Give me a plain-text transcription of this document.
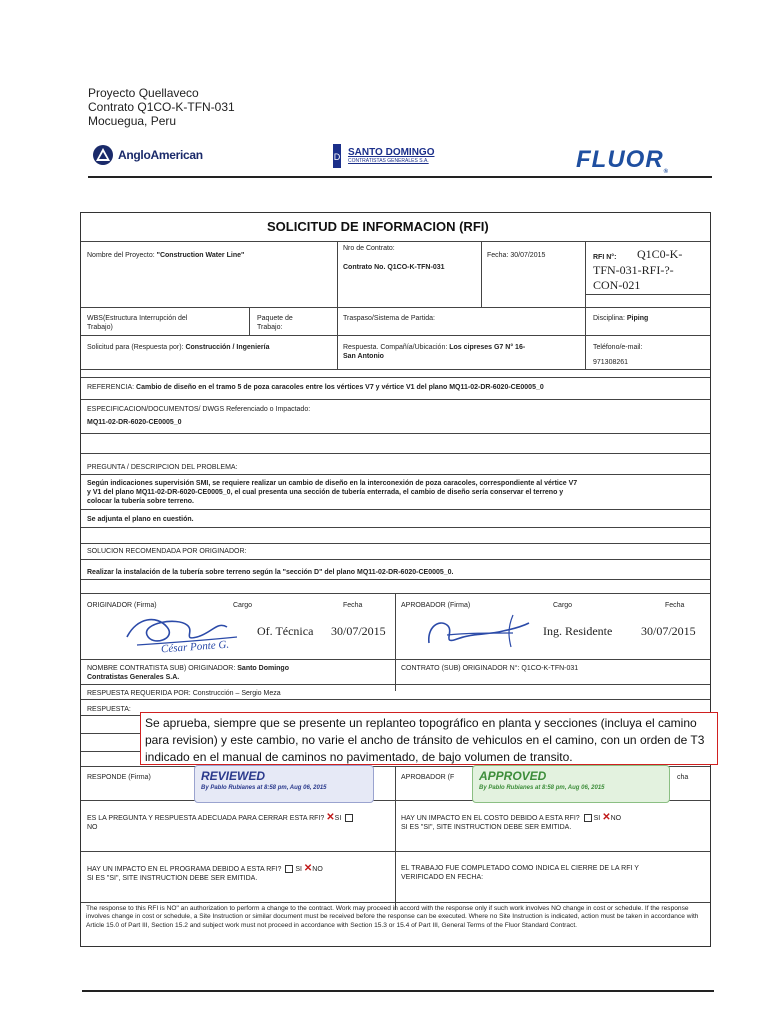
Proyecto Quellaveco
Contrato Q1CO-K-TFN-031
Mocuegua, Peru
AngloAmerican	D SANTO DOMINGO
CONTRATISTAS GENERALES S.A.	$FLUOR_®$
SOLICITUD DE INFORMACION (RFI)
Nombre del Proyecto: "Construction Water Line"
Nro de Contrato:
Contrato No. Q1CO-K-TFN-031
Fecha: 30/07/2015	RFI N°: Q1C0-K-
TFN-031-RFI-?-
CON-021
WBS(Estructura Interrupción del
Trabajo)
Paquete de
Trabajo:
Traspaso/Sistema de Partida:	Disciplina: Piping
Solicitud para (Respuesta por): Construcción / Ingeniería	Respuesta. Compañía/Ubicación: Los cipreses G7 N° 16-
San Antonio
Teléfono/e-mail:
971308261
REFERENCIA: Cambio de diseño en el tramo 5 de poza caracoles entre los vértices V7 y vértice V1 del plano MQ11-02-DR-6020-CE0005_0
ESPECIFICACION/DOCUMENTOS/ DWGS Referenciado o Impactado:
MQ11-02-DR-6020-CE0005_0
PREGUNTA / DESCRIPCION DEL PROBLEMA:
Según indicaciones supervisión SMI, se requiere realizar un cambio de diseño en la interconexión de poza caracoles, correspondiente al vértice V7
y V1 del plano MQ11-02-DR-6020-CE0005_0, el cual presenta una sección de tubería enterrada, el cambio de diseño sería conservar el terreno y
colocar la tubería sobre terreno.
Se adjunta el plano en cuestión.
SOLUCION RECOMENDADA POR ORIGINADOR:
Realizar la instalación de la tubería sobre terreno según la "sección D" del plano MQ11-02-DR-6020-CE0005_0.
ORIGINADOR (Firma)	Cargo	Fecha	APROBADOR (Firma)	Cargo	Fecha
César Ponte G.
Of. Técnica 30/07/2015	Ing. Residente 30/07/2015
NOMBRE CONTRATISTA SUB) ORIGINADOR: Santo Domingo
Contratistas Generales S.A.
CONTRATO (SUB) ORIGINADOR N°: Q1CO-K-TFN-031
RESPUESTA REQUERIDA POR: Construcción – Sergio Meza
RESPUESTA:
RESPONDE (Firma)	APROBADOR (F	cha
ES LA PREGUNTA Y RESPUESTA ADECUADA PARA CERRAR ESTA RFI? ✕SI
NO
HAY UN IMPACTO EN EL COSTO DEBIDO A ESTA RFI? SI ✕NO
SI ES "SI", SITE INSTRUCTION DEBE SER EMITIDA.
HAY UN IMPACTO EN EL PROGRAMA DEBIDO A ESTA RFI? SI ✕NO
SI ES "SI", SITE INSTRUCTION DEBE SER EMITIDA.
EL TRABAJO FUE COMPLETADO COMO INDICA EL CIERRE DE LA RFI Y
VERIFICADO EN FECHA:
Se aprueba, siempre que se presente un replanteo topográfico en planta y secciones (incluya el camino para revision) y este cambio, no varie el ancho de tránsito de vehiculos en el camino, con un orden de T3 indicado en el manual de caminos no pavimentado, de bajo volumen de transito.
REVIEWED
By Pablo Rubianes at 8:58 pm, Aug 06, 2015
APPROVED
By Pablo Rubianes at 8:58 pm, Aug 06, 2015
The response to this RFI is NO" an authorization to perform a change to the contract. Work may proceed in accord with the response only if such work involves NO change in cost or schedule. If the response involves change in cost or schedule, a Site Instruction or similar document must be received before the response can be executed. Where no Site Instruction is indicated, action must be taken in accordance with Article 15.0 of Part III, Section 15.2 and subject work must not proceed in accordance with Section 15.3 or 15.4 of Part III, General Terms of the Fluor Standard Contract.
